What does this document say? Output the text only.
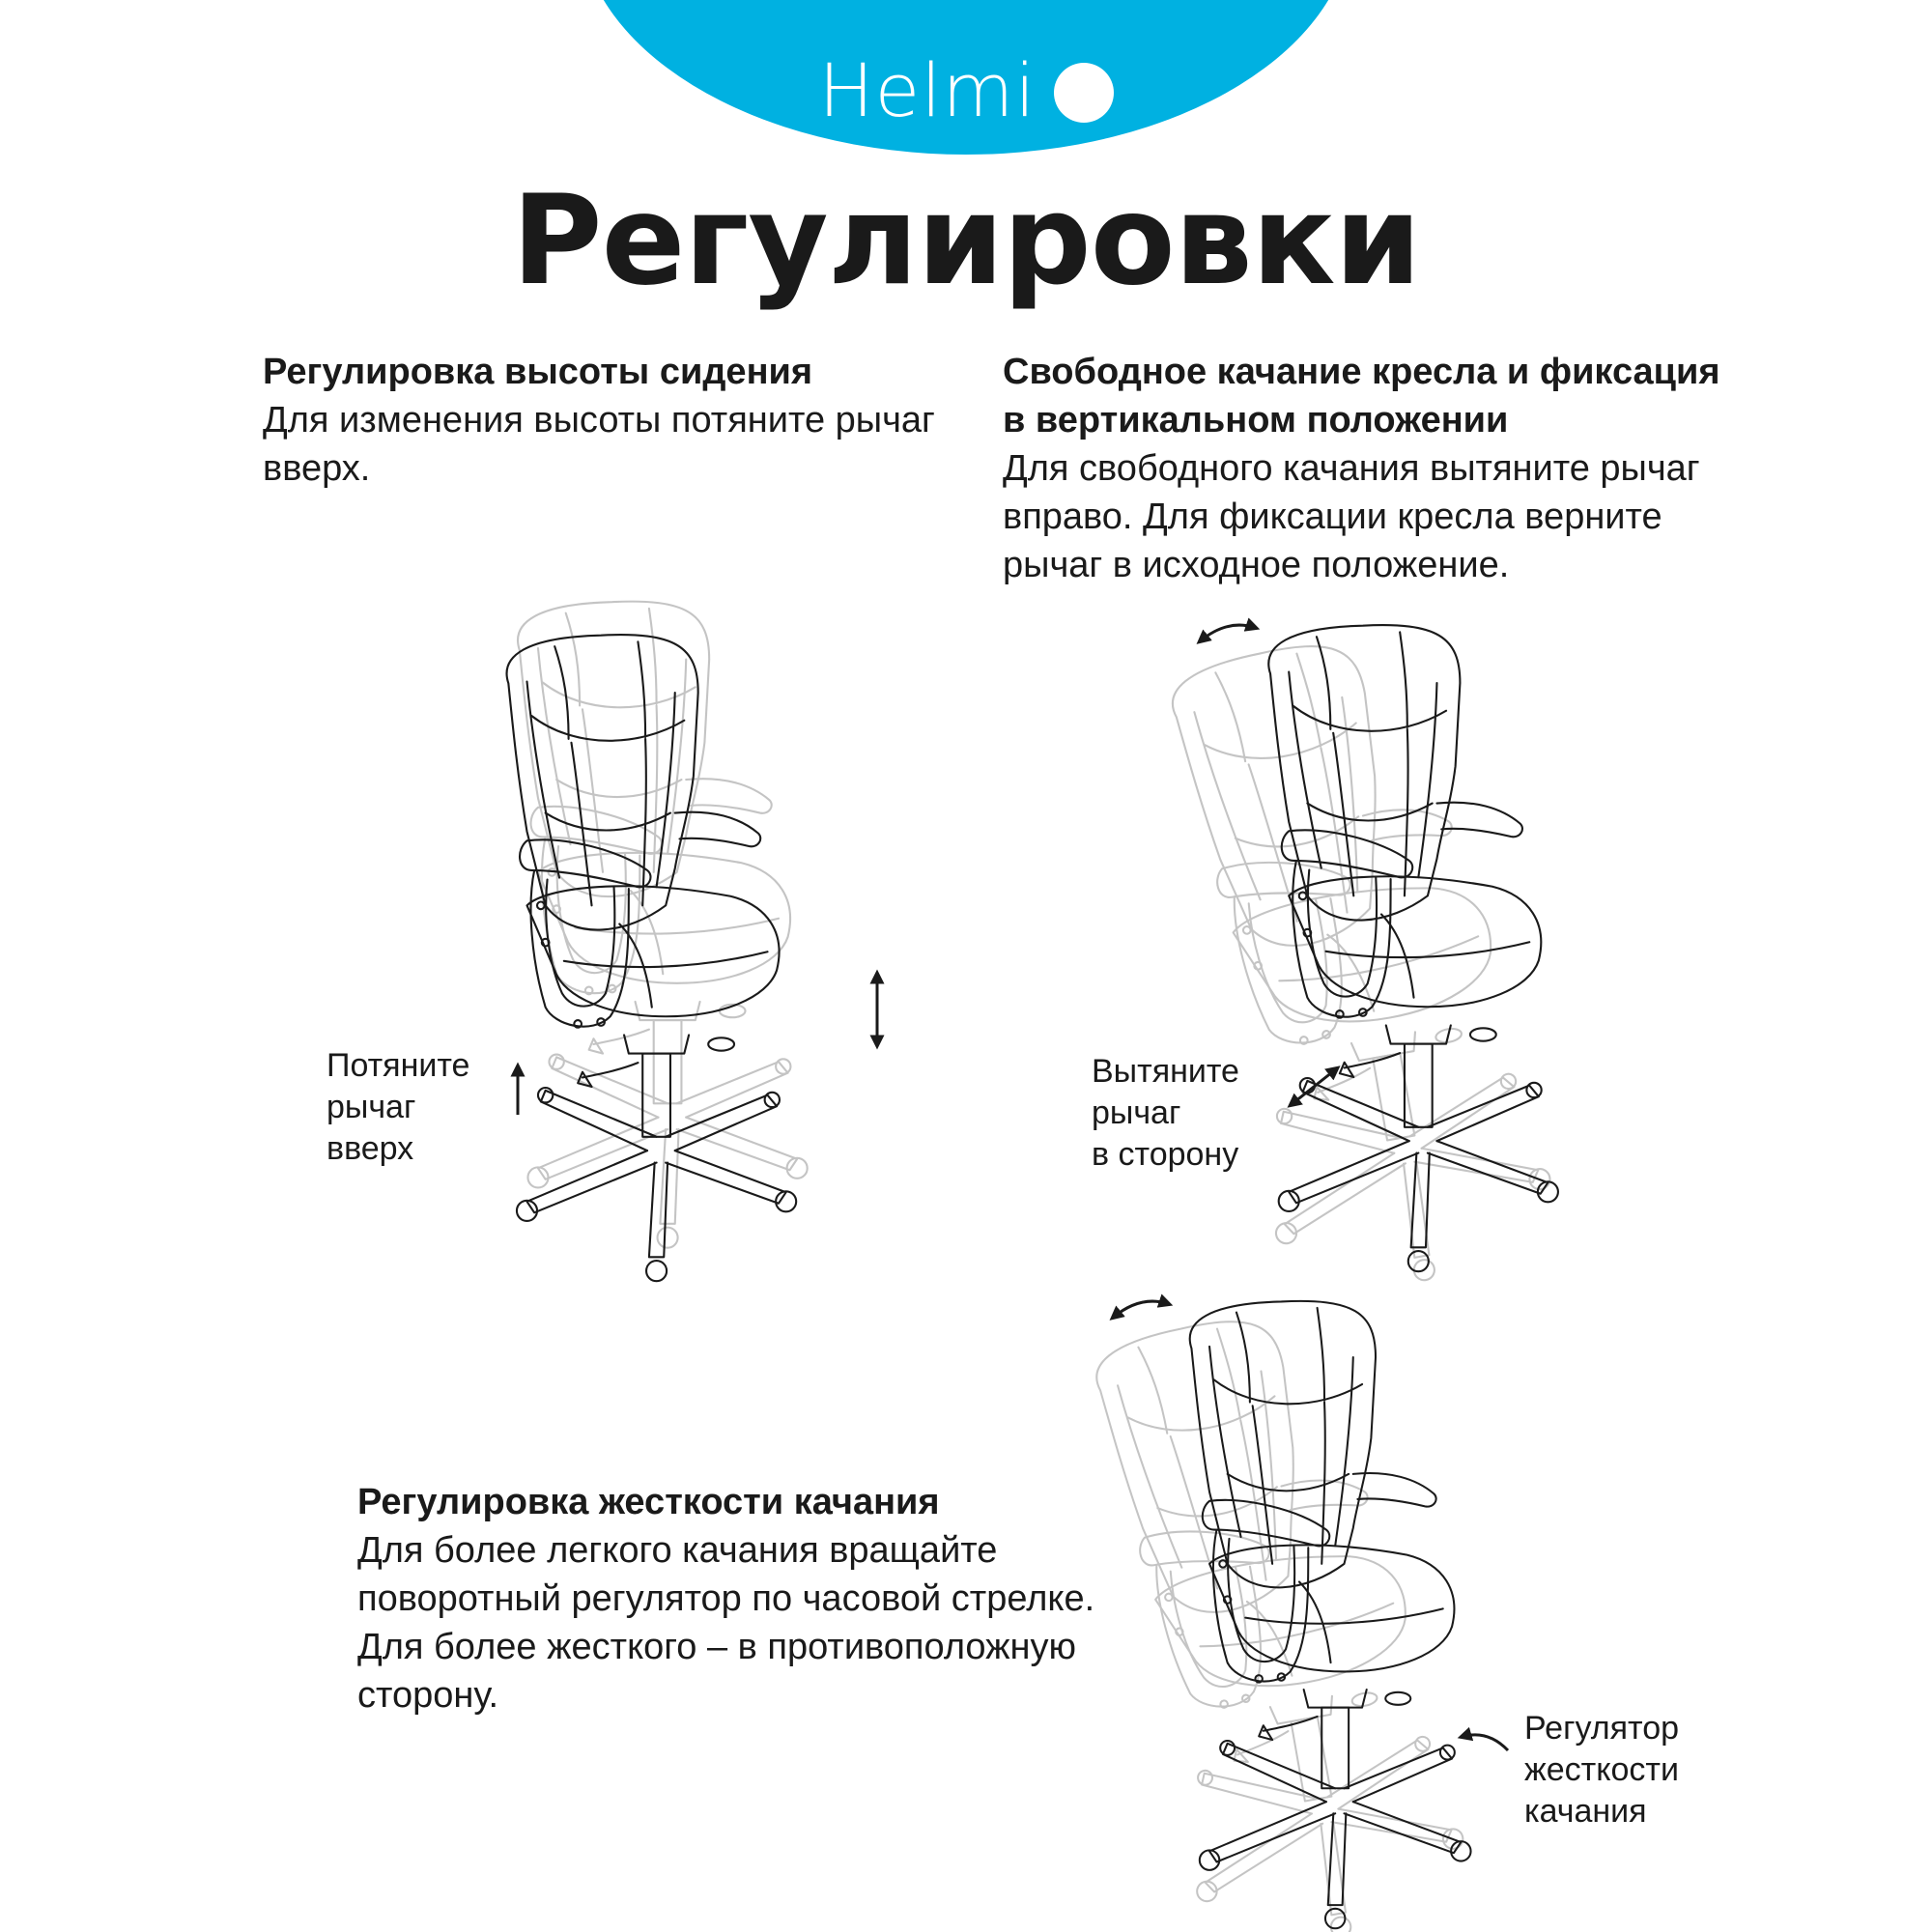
Helmi
Регулировки

Регулировка высоты сидения

Для изменения высоты потяните рычаг

вверх.

Свободное качание кресла и фиксация

в вертикальном положении

Для свободного качания вытяните рычаг

вправо. Для фиксации кресла верните

рычаг в исходное положение.

Регулировка жесткости качания

Для более легкого качания вращайте

поворотный регулятор по часовой стрелке.

Для более жесткого – в противоположную

сторону.

Потяните
рычаг
вверх
Вытяните
рычаг
в сторону
Регулятор
жесткости
качания
